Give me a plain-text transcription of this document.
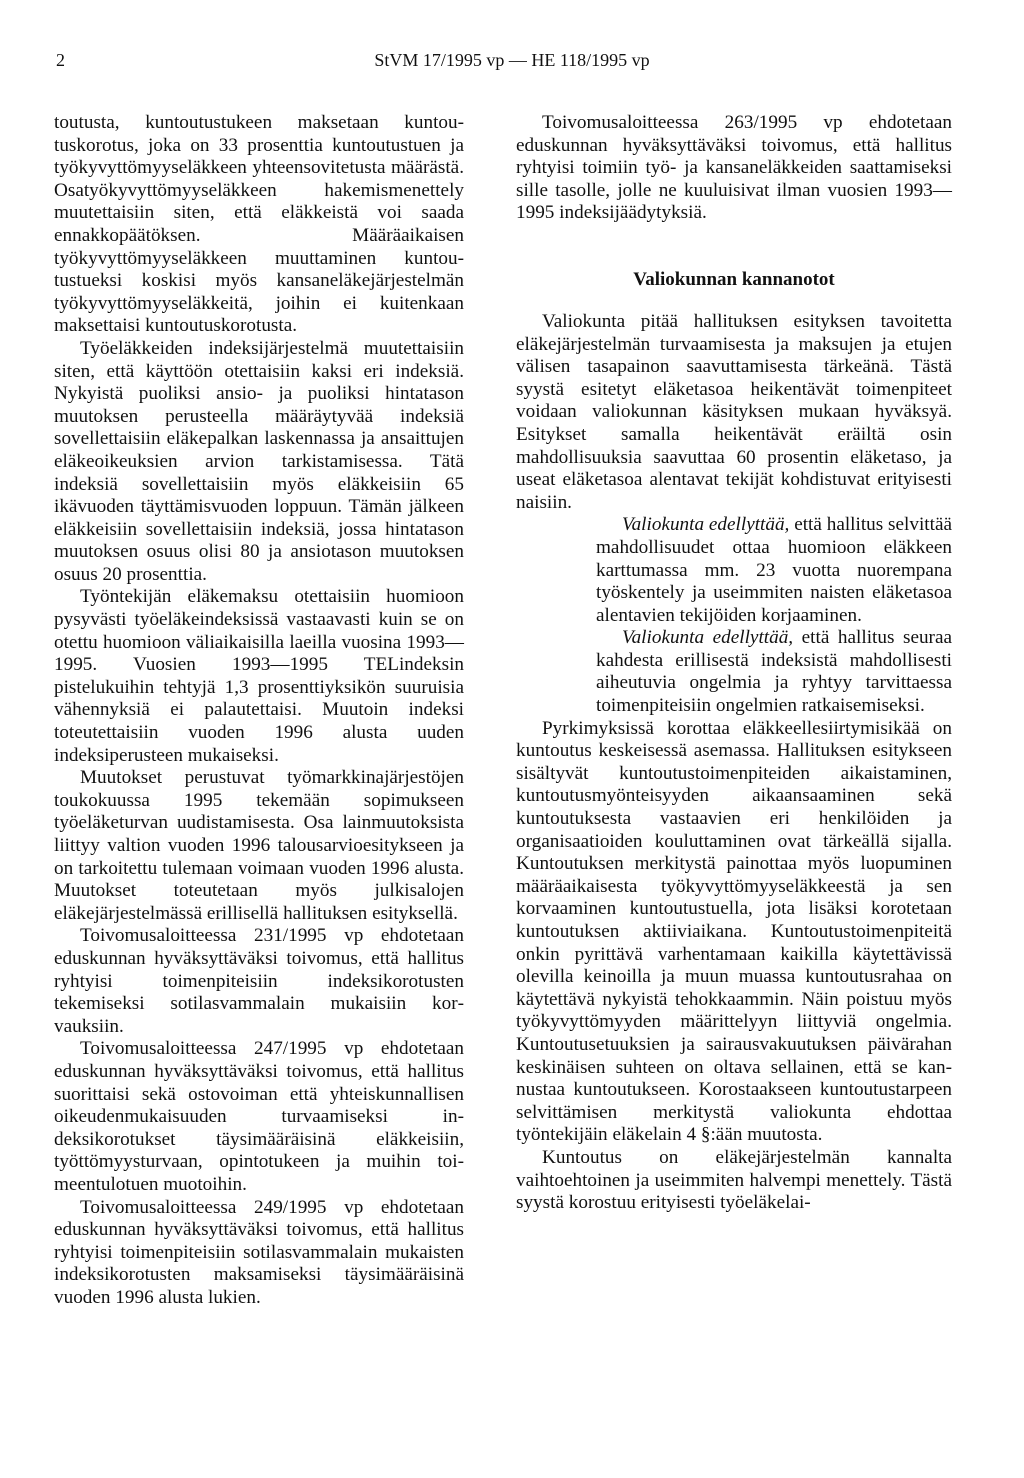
2	StVM 17/1995 vp — HE 118/1995 vp

toutusta, kuntoutustukeen maksetaan kuntoutuskorotus, joka on 33 prosenttia kuntoutustuen ja työkyvyttömyyseläkkeen yhteensovitetusta määrästä. Osatyökyvyttömyyseläkkeen hakemismenettely muutettaisiin siten, että eläkkeistä voi saada ennakkopäätöksen. Määräaikaisen työkyvyttömyyseläkkeen muuttaminen kuntoutustueksi koskisi myös kansaneläkejärjestelmän työkyvyttömyyseläkkeitä, joihin ei kuitenkaan maksettaisi kuntoutuskorotusta.

Työeläkkeiden indeksijärjestelmä muutettaisiin siten, että käyttöön otettaisiin kaksi eri indeksiä. Nykyistä puoliksi ansio- ja puoliksi hintatason muutoksen perusteella määräytyvää indeksiä sovellettaisiin eläkepalkan laskennassa ja ansaittujen eläkeoikeuksien arvion tarkistamisessa. Tätä indeksiä sovellettaisiin myös eläkkeisiin 65 ikävuoden täyttämisvuoden loppuun. Tämän jälkeen eläkkeisiin sovellettaisiin indeksiä, jossa hintatason muutoksen osuus olisi 80 ja ansiotason muutoksen osuus 20 prosenttia.

Työntekijän eläkemaksu otettaisiin huomioon pysyvästi työeläkeindeksissä vastaavasti kuin se on otettu huomioon väliaikaisilla laeilla vuosina 1993—1995. Vuosien 1993—1995 TELindeksin pistelukuihin tehtyjä 1,3 prosenttiyksikön suuruisia vähennyksiä ei palautettaisi. Muutoin indeksi toteutettaisiin vuoden 1996 alusta uuden indeksiperusteen mukaiseksi.

Muutokset perustuvat työmarkkinajärjestöjen toukokuussa 1995 tekemään sopimukseen työeläketurvan uudistamisesta. Osa lainmuutoksista liittyy valtion vuoden 1996 talousarvioesitykseen ja on tarkoitettu tulemaan voimaan vuoden 1996 alusta. Muutokset toteutetaan myös julkisalojen eläkejärjestelmässä erillisellä hallituksen esityksellä.

Toivomusaloitteessa 231/1995 vp ehdotetaan eduskunnan hyväksyttäväksi toivomus, että hallitus ryhtyisi toimenpiteisiin indeksikorotusten tekemiseksi sotilasvammalain mukaisiin korvauksiin.

Toivomusaloitteessa 247/1995 vp ehdotetaan eduskunnan hyväksyttäväksi toivomus, että hallitus suorittaisi sekä ostovoiman että yhteiskunnallisen oikeudenmukaisuuden turvaamiseksi indeksikorotukset täysimääräisinä eläkkeisiin, työttömyysturvaan, opintotukeen ja muihin toimeentulotuen muotoihin.

Toivomusaloitteessa 249/1995 vp ehdotetaan eduskunnan hyväksyttäväksi toivomus, että hallitus ryhtyisi toimenpiteisiin sotilasvammalain mukaisten indeksikorotusten maksamiseksi täysimääräisinä vuoden 1996 alusta lukien.

Toivomusaloitteessa 263/1995 vp ehdotetaan eduskunnan hyväksyttäväksi toivomus, että hallitus ryhtyisi toimiin työ- ja kansaneläkkeiden saattamiseksi sille tasolle, jolle ne kuuluisivat ilman vuosien 1993—1995 indeksijäädytyksiä.

Valiokunnan kannanotot

Valiokunta pitää hallituksen esityksen tavoitetta eläkejärjestelmän turvaamisesta ja maksujen ja etujen välisen tasapainon saavuttamisesta tärkeänä. Tästä syystä esitetyt eläketasoa heikentävät toimenpiteet voidaan valiokunnan käsityksen mukaan hyväksyä. Esitykset samalla heikentävät eräiltä osin mahdollisuuksia saavuttaa 60 prosentin eläketaso, ja useat eläketasoa alentavat tekijät kohdistuvat erityisesti naisiin.

Valiokunta edellyttää, että hallitus selvittää mahdollisuudet ottaa huomioon eläkkeen karttumassa mm. 23 vuotta nuorempana työskentely ja useimmiten naisten eläketasoa alentavien tekijöiden korjaaminen.

Valiokunta edellyttää, että hallitus seuraa kahdesta erillisestä indeksistä mahdollisesti aiheutuvia ongelmia ja ryhtyy tarvittaessa toimenpiteisiin ongelmien ratkaisemiseksi.

Pyrkimyksissä korottaa eläkkeellesiirtymisikää on kuntoutus keskeisessä asemassa. Hallituksen esitykseen sisältyvät kuntoutustoimenpiteiden aikaistaminen, kuntoutusmyönteisyyden aikaansaaminen sekä kuntoutuksesta vastaavien eri henkilöiden ja organisaatioiden kouluttaminen ovat tärkeällä sijalla. Kuntoutuksen merkitystä painottaa myös luopuminen määräaikaisesta työkyvyttömyyseläkkeestä ja sen korvaaminen kuntoutustuella, jota lisäksi korotetaan kuntoutuksen aktiiviaikana. Kuntoutustoimenpiteitä onkin pyrittävä varhentamaan kaikilla käytettävissä olevilla keinoilla ja muun muassa kuntoutusrahaa on käytettävä nykyistä tehokkaammin. Näin poistuu myös työkyvyttömyyden määrittelyyn liittyviä ongelmia. Kuntoutusetuuksien ja sairausvakuutuksen päivärahan keskinäisen suhteen on oltava sellainen, että se kannustaa kuntoutukseen. Korostaakseen kuntoutustarpeen selvittämisen merkitystä valiokunta ehdottaa työntekijäin eläkelain 4 §:ään muutosta.

Kuntoutus on eläkejärjestelmän kannalta vaihtoehtoinen ja useimmiten halvempi menettely. Tästä syystä korostuu erityisesti työeläkelai-
